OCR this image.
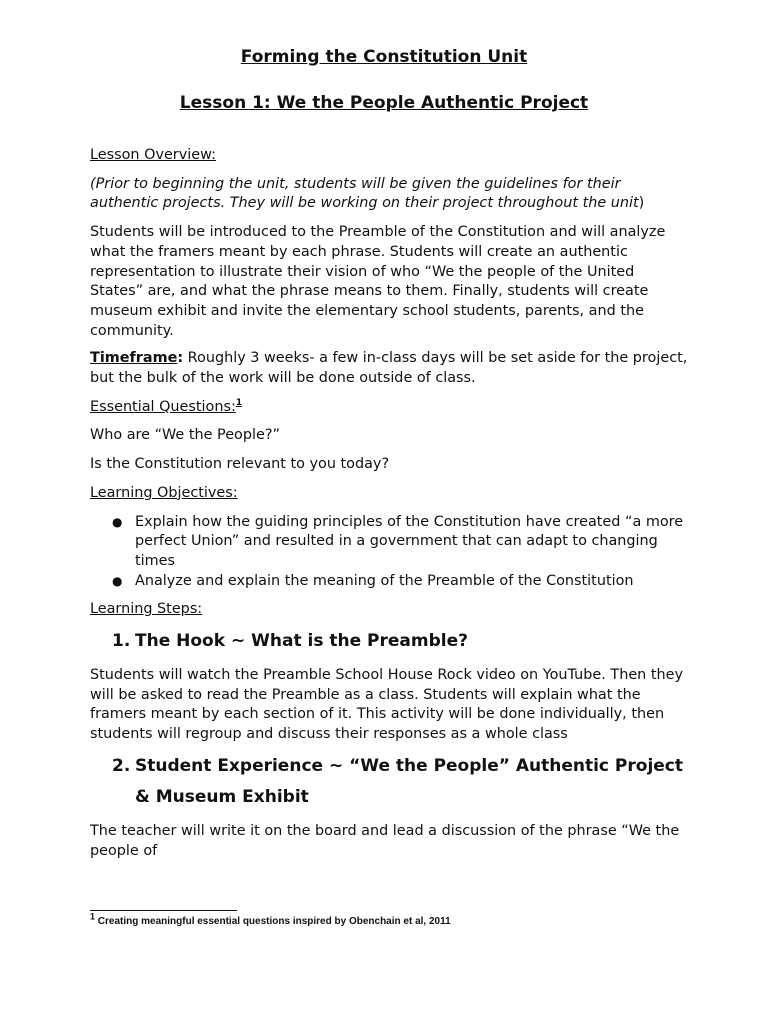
Forming the Constitution Unit
Lesson 1: We the People Authentic Project

Lesson Overview:

(Prior to beginning the unit, students will be given the guidelines for their authentic projects. They will be working on their project throughout the unit)

Students will be introduced to the Preamble of the Constitution and will analyze what the framers meant by each phrase. Students will create an authentic representation to illustrate their vision of who “We the people of the United States” are, and what the phrase means to them. Finally, students will create museum exhibit and invite the elementary school students, parents, and the community.

Timeframe: Roughly 3 weeks- a few in-class days will be set aside for the project, but the bulk of the work will be done outside of class.

Essential Questions:$^1$

Who are “We the People?”

Is the Constitution relevant to you today?

Learning Objectives:

● Explain how the guiding principles of the Constitution have created “a more perfect Union” and resulted in a government that can adapt to changing times
● Analyze and explain the meaning of the Preamble of the Constitution

Learning Steps:

1. The Hook ~ What is the Preamble?

Students will watch the Preamble School House Rock video on YouTube. Then they will be asked to read the Preamble as a class. Students will explain what the framers meant by each section of it. This activity will be done individually, then students will regroup and discuss their responses as a whole class

2. Student Experience ~ “We the People” Authentic Project & Museum Exhibit

The teacher will write it on the board and lead a discussion of the phrase “We the people of

$^1$ Creating meaningful essential questions inspired by Obenchain et al, 2011
